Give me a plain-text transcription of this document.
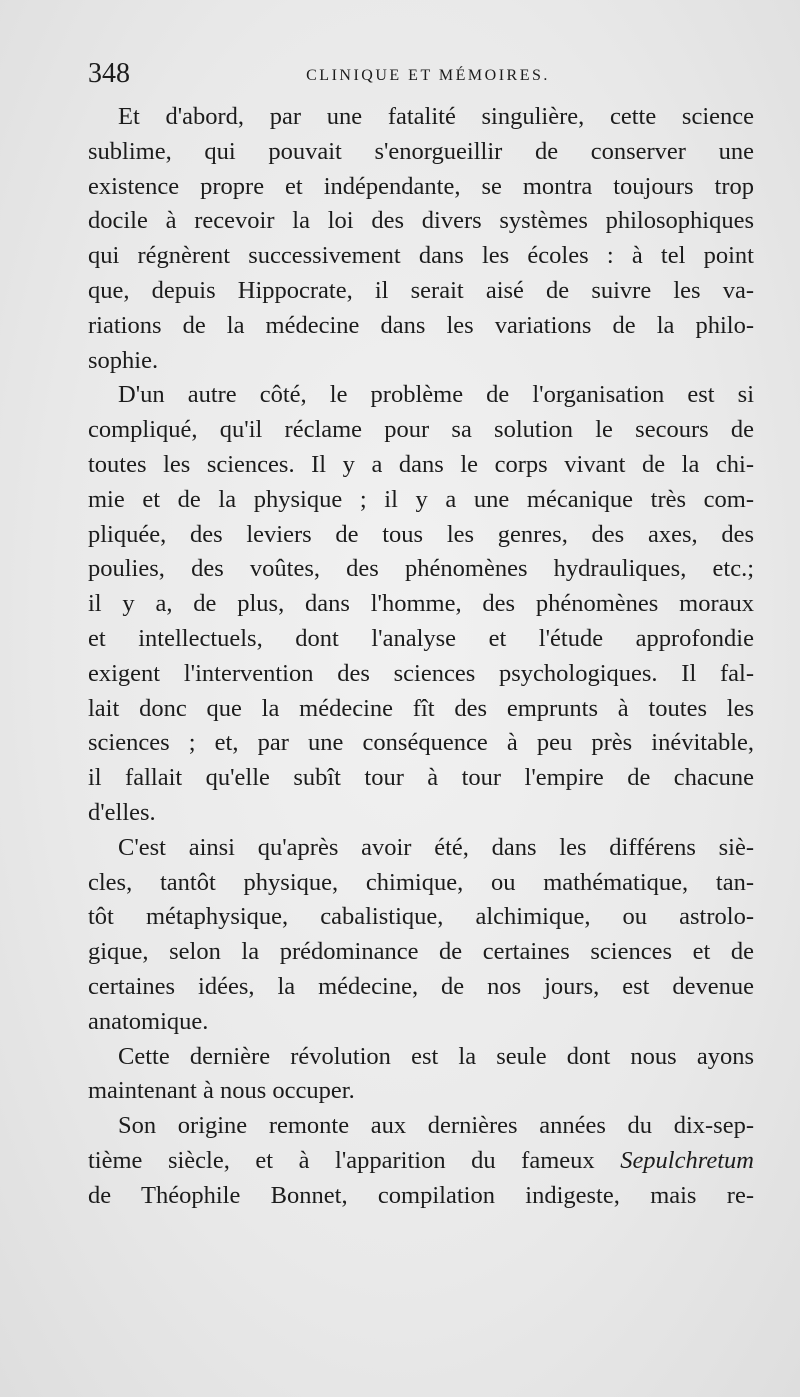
348	CLINIQUE ET MÉMOIRES.

Et d'abord, par une fatalité singulière, cette science
sublime, qui pouvait s'enorgueillir de conserver une
existence propre et indépendante, se montra toujours trop
docile à recevoir la loi des divers systèmes philosophiques
qui régnèrent successivement dans les écoles : à tel point
que, depuis Hippocrate, il serait aisé de suivre les va-
riations de la médecine dans les variations de la philo-
sophie.

D'un autre côté, le problème de l'organisation est si
compliqué, qu'il réclame pour sa solution le secours de
toutes les sciences. Il y a dans le corps vivant de la chi-
mie et de la physique ; il y a une mécanique très com-
pliquée, des leviers de tous les genres, des axes, des
poulies, des voûtes, des phénomènes hydrauliques, etc.;
il y a, de plus, dans l'homme, des phénomènes moraux
et intellectuels, dont l'analyse et l'étude approfondie
exigent l'intervention des sciences psychologiques. Il fal-
lait donc que la médecine fît des emprunts à toutes les
sciences ; et, par une conséquence à peu près inévitable,
il fallait qu'elle subît tour à tour l'empire de chacune
d'elles.

C'est ainsi qu'après avoir été, dans les différens siè-
cles, tantôt physique, chimique, ou mathématique, tan-
tôt métaphysique, cabalistique, alchimique, ou astrolo-
gique, selon la prédominance de certaines sciences et de
certaines idées, la médecine, de nos jours, est devenue
anatomique.

Cette dernière révolution est la seule dont nous ayons
maintenant à nous occuper.

Son origine remonte aux dernières années du dix-sep-
tième siècle, et à l'apparition du fameux Sepulchretum
de Théophile Bonnet, compilation indigeste, mais re-
